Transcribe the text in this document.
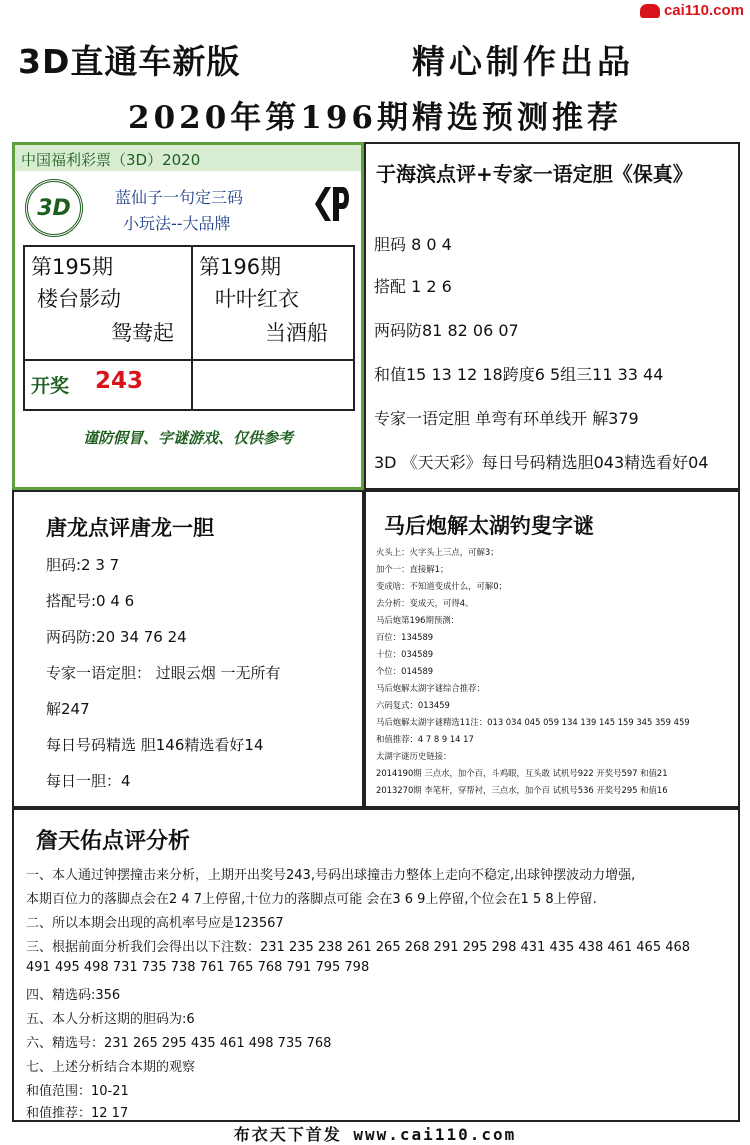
cai110.com
3D直通车新版	精心制作出品
2020年第196期精选预测推荐
中国福利彩票（3D）2020
3D	蓝仙子一句定三码
小玩法--大品牌
第195期
楼台影动
鸳鸯起
第196期
叶叶红衣
当酒船
开奖 243
谨防假冒、字谜游戏、仅供参考
于海滨点评+专家一语定胆《保真》
胆码 8 0 4
搭配 1 2 6
两码防81 82 06 07
和值15 13 12 18跨度6 5组三11 33 44
专家一语定胆 单弯有环单线开 解379
3D 《天天彩》每日号码精选胆043精选看好04
唐龙点评唐龙一胆
胆码:2 3 7
搭配号:0 4 6
两码防:20 34 76 24
专家一语定胆： 过眼云烟 一无所有
解247
每日号码精选 胆146精选看好14
每日一胆：4
马后炮解太湖钓叟字谜
火头上：火字头上三点，可解3；
加个一：直接解1；
变成啥：不知道变成什么，可解0；
去分析：变成天，可得4。
马后炮第196期预测：
百位：134589
十位：034589
个位：014589
马后炮解太湖字谜综合推荐：
六码复式：013459
马后炮解太湖字谜精选11注：013 034 045 059 134 139 145 159 345 359 459
和值推荐：4 7 8 9 14 17
太湖字谜历史链接：
2014190期 三点水，加个百，斗鸡眼，互头敢 试机号922 开奖号597 和值21
2013270期 李笔杆，穿帮衬，三点水，加个百 试机号536 开奖号295 和值16
詹天佑点评分析
一、本人通过钟摆撞击来分析，上期开出奖号243,号码出球撞击力整体上走向不稳定,出球钟摆波动力增强,
本期百位力的落脚点会在2 4 7上停留,十位力的落脚点可能 会在3 6 9上停留,个位会在1 5 8上停留.
二、所以本期会出现的高机率号应是123567
三、根据前面分析我们会得出以下注数：231 235 238 261 265 268 291 295 298 431 435 438 461 465 468
491 495 498 731 735 738 761 765 768 791 795 798
四、精选码:356
五、本人分析这期的胆码为:6
六、精选号：231 265 295 435 461 498 735 768
七、上述分析结合本期的观察
和值范围：10-21
和值推荐：12 17
布衣天下首发 www.cai110.com
